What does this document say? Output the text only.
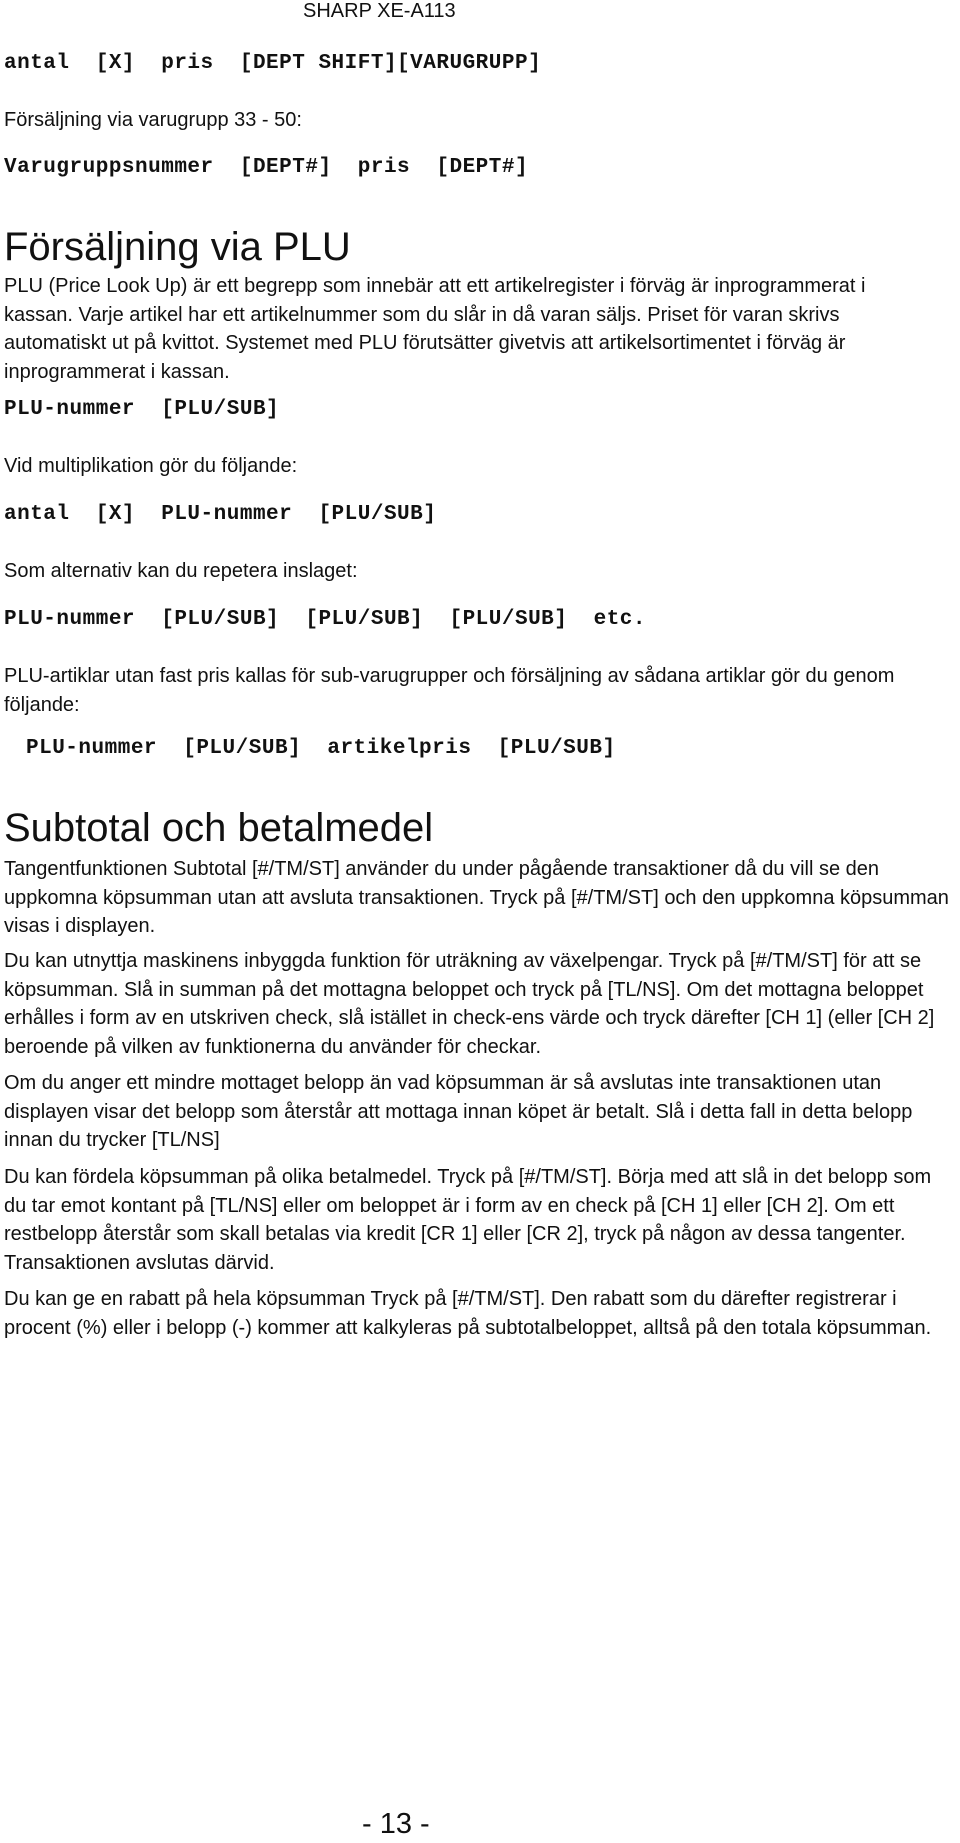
SHARP XE-A113
antal  [X]  pris  [DEPT SHIFT][VARUGRUPP]

Försäljning via varugrupp 33 - 50:

Varugruppsnummer  [DEPT#]  pris  [DEPT#]
Försäljning via PLU

PLU (Price Look Up) är ett begrepp som innebär att ett artikelregister i förväg är inprogrammerat i kassan. Varje artikel har ett artikelnummer som du slår in då varan säljs. Priset för varan skrivs automatiskt ut på kvittot. Systemet med PLU förutsätter givetvis att artikelsortimentet i förväg är inprogrammerat i kassan.

PLU-nummer  [PLU/SUB]

Vid multiplikation gör du följande:

antal  [X]  PLU-nummer  [PLU/SUB]

Som alternativ kan du repetera inslaget:

PLU-nummer  [PLU/SUB]  [PLU/SUB]  [PLU/SUB]  etc.

PLU-artiklar utan fast pris kallas för sub-varugrupper och försäljning av sådana artiklar gör du genom följande:

PLU-nummer  [PLU/SUB]  artikelpris  [PLU/SUB]
Subtotal och betalmedel

Tangentfunktionen Subtotal [#/TM/ST] använder du under pågående transaktioner då du vill se den uppkomna köpsumman utan att avsluta transaktionen. Tryck på [#/TM/ST] och den uppkomna köpsumman visas i displayen.

Du kan utnyttja maskinens inbyggda funktion för uträkning av växelpengar. Tryck på [#/TM/ST] för att se köpsumman. Slå in summan på det mottagna beloppet och tryck på [TL/NS]. Om det mottagna beloppet erhålles i form av en utskriven check, slå istället in check-ens värde och tryck därefter [CH 1] (eller [CH 2] beroende på vilken av funktionerna du använder för checkar.

Om du anger ett mindre mottaget belopp än vad köpsumman är så avslutas inte transaktionen utan displayen visar det belopp som återstår att mottaga innan köpet är betalt. Slå i detta fall in detta belopp innan du trycker [TL/NS]

Du kan fördela köpsumman på olika betalmedel. Tryck på [#/TM/ST]. Börja med att slå in det belopp som du tar emot kontant på [TL/NS] eller om beloppet är i form av en check på [CH 1] eller [CH 2]. Om ett restbelopp återstår som skall betalas via kredit [CR 1] eller [CR 2], tryck på någon av dessa tangenter. Transaktionen avslutas därvid.

Du kan ge en rabatt på hela köpsumman Tryck på [#/TM/ST]. Den rabatt som du därefter registrerar i procent (%) eller i belopp (-) kommer att kalkyleras på subtotalbeloppet, alltså på den totala köpsumman.

- 13 -
